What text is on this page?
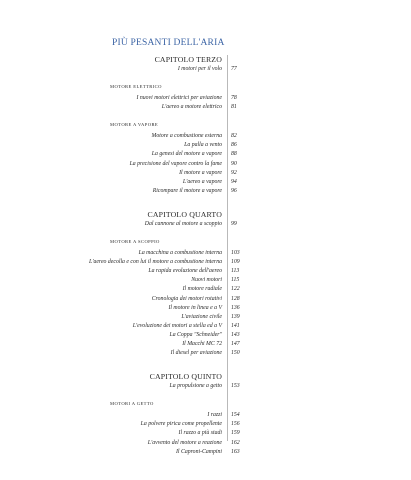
PIÙ PESANTI DELL'ARIA
CAPITOLO TERZO
I motori per il volo 77
MOTORE ELETTRICO
I nuovi motori elettrici per aviazione 78
L'aereo a motore elettrico 81
MOTORE A VAPORE
Motore a combustione esterna 82
La palla a vento 86
La genesi del motore a vapore 88
La precisione del vapore contro la fame 90
Il motore a vapore 92
L'aereo a vapore 94
Ricompare il motore a vapore 96
CAPITOLO QUARTO
Dal cannone al motore a scoppio 99
MOTORE A SCOPPIO
La macchina a combustione interna 103
L'aereo decolla e con lui il motore a combustione interna 109
La rapida evoluzione dell'aereo 113
Nuovi motori 115
Il motore radiale 122
Cronologia dei motori rotativi 128
Il motore in linea e a V 136
L'aviazione civile 139
L'evoluzione dei motori a stella ed a V 141
La Coppa "Schneider" 143
Il Macchi MC 72 147
Il diesel per aviazione 150
CAPITOLO QUINTO
La propulsione a getto 153
MOTORI A GETTO
I razzi 154
La polvere pirica come propellente 156
Il razzo a più stadi 159
L'avvento del motore a reazione 162
Il Caproni-Campini 163
